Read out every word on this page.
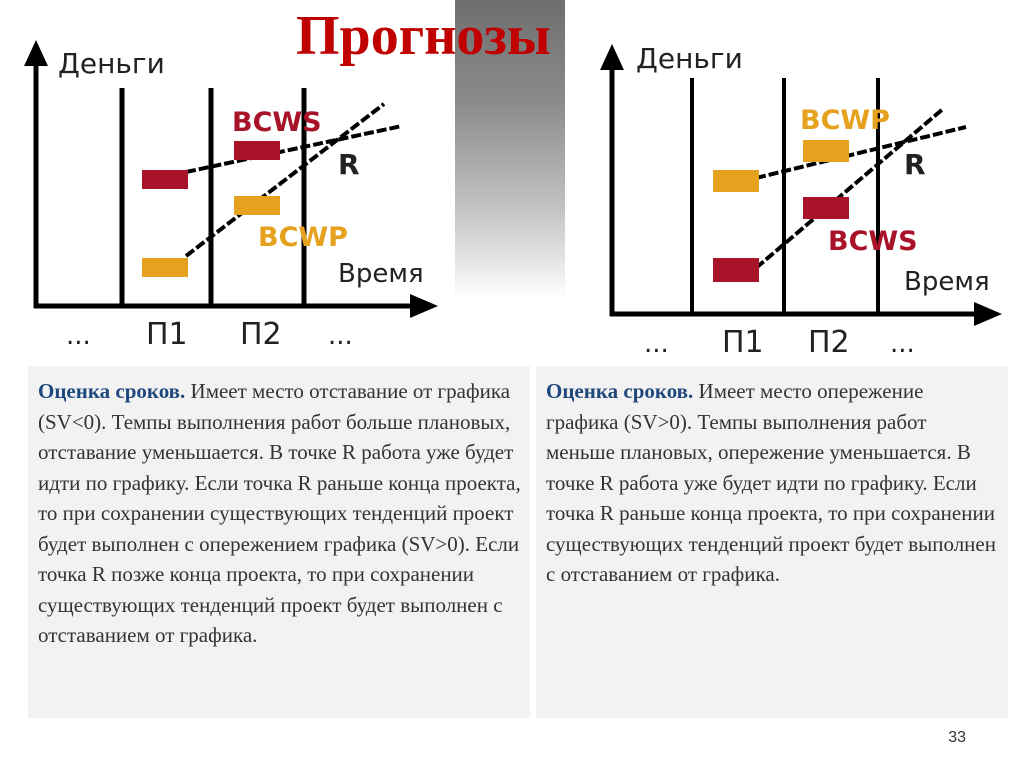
Прогнозы
Деньги
BCWS
R
BCWP
Время
... П1 П2 ...
Деньги
BCWP
R
BCWS
Время
... П1 П2 ...
Оценка сроков. Имеет место отставание от графика (SV<0). Темпы выполнения работ больше плановых, отставание уменьшается. В точке R работа уже будет идти по графику. Если точка R раньше конца проекта, то при сохранении существующих тенденций проект будет выполнен с опережением графика (SV>0). Если точка R позже конца проекта, то при сохранении существующих тенденций проект будет выполнен с отставанием от графика.
Оценка сроков. Имеет место опережение графика (SV>0). Темпы выполнения работ меньше плановых, опережение уменьшается. В точке R работа уже будет идти по графику. Если точка R раньше конца проекта, то при сохранении существующих тенденций проект будет выполнен с отставанием от графика.
33
